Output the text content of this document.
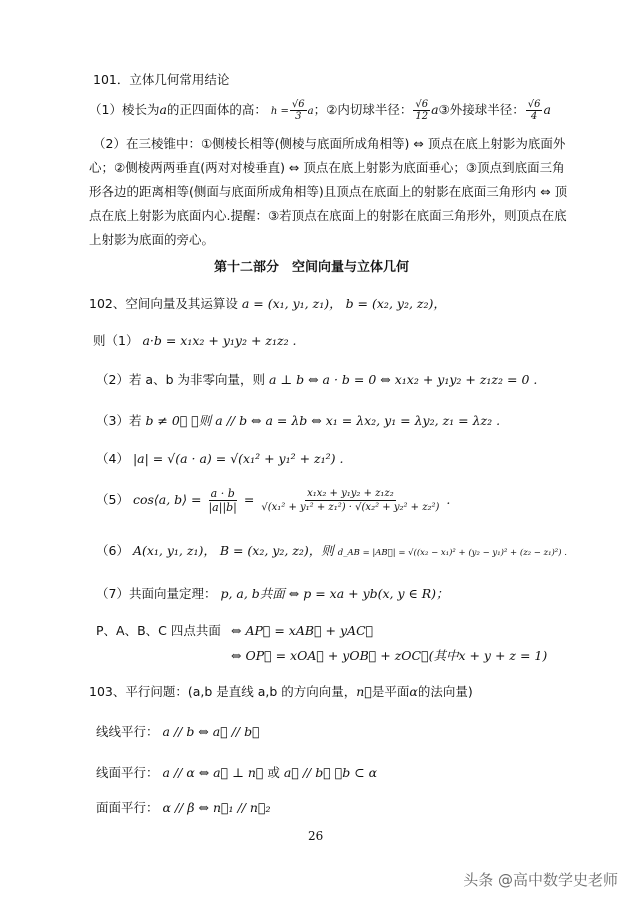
101．立体几何常用结论
（1）棱长为a的正四面体的高： $h = \frac{√6}{3}$ a；②内切球半径： $\frac{√6}{12}$ a③外接球半径： $\frac{√6}{4}$ a
（2）在三棱锥中：①侧棱长相等(侧棱与底面所成角相等) ⇔ 顶点在底上射影为底面外
心；②侧棱两两垂直(两对对棱垂直) ⇔ 顶点在底上射影为底面垂心；③顶点到底面三角
形各边的距离相等(侧面与底面所成角相等)且顶点在底面上的射影在底面三角形内 ⇔ 顶
点在底上射影为底面内心.提醒：③若顶点在底面上的射影在底面三角形外，则顶点在底
上射影为底面的旁心。
第十二部分　空间向量与立体几何
102、空间向量及其运算设 a = (x₁, y₁, z₁)， b = (x₂, y₂, z₂)，
则（1） a·b = x₁x₂ + y₁y₂ + z₁z₂ .
（2）若 a、b 为非零向量，则 a ⊥ b ⇔ a · b = 0 ⇔ x₁x₂ + y₁y₂ + z₁z₂ = 0 .
（3）若 b ≠ 0⃗ ，则 a // b ⇔ a = λb ⇔ x₁ = λx₂, y₁ = λy₂, z₁ = λz₂ .
（4） |a| = √(a · a) = √(x₁² + y₁² + z₁²) .
（5） cos⟨a, b⟩ = $\frac{a \cdot b}{|a||b|} = \frac{\text{x₁x₂ + y₁y₂ + z₁z₂}}{\text{√(x₁² + y₁² + z₁²) · √(x₂² + y₂² + z₂²)}}$ .
（6） A(x₁, y₁, z₁)， B = (x₂, y₂, z₂)，则 d_AB = |AB⃗| = √((x₂ − x₁)² + (y₂ − y₁)² + (z₂ − z₁)²) .
（7）共面向量定理： p, a, b共面 ⇔ p = xa + yb(x, y ∈ R)；
P、A、B、C 四点共面 ⇔ AP⃗ = xAB⃗ + yAC⃗
⇔ OP⃗ = xOA⃗ + yOB⃗ + zOC⃗(其中x + y + z = 1)
103、平行问题：(a,b 是直线 a,b 的方向向量，n⃗是平面α的法向量)
线线平行： a // b ⇔ a⃗ // b⃗
线面平行： a // α ⇔ a⃗ ⊥ n⃗ 或 a⃗ // b⃗ ，b ⊂ α
面面平行： α // β ⇔ n⃗₁ // n⃗₂
26
头条 @高中数学史老师
